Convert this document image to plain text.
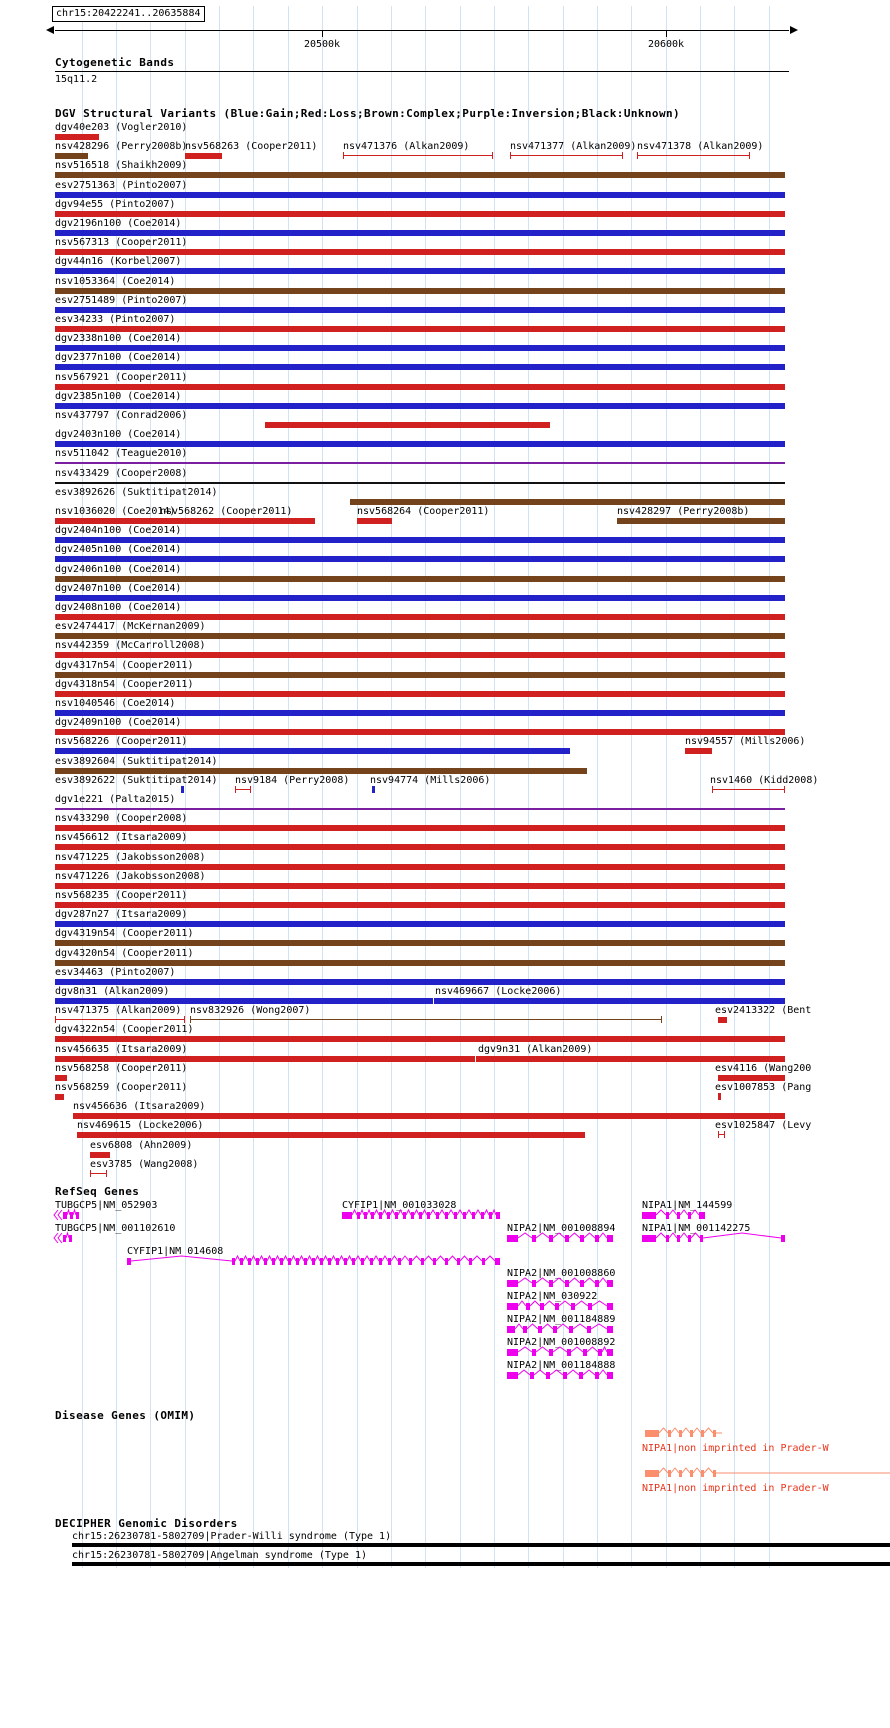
chr15:20422241..20635884
Cytogenetic Bands
15q11.2
DGV Structural Variants (Blue:Gain;Red:Loss;Brown:Complex;Purple:Inversion;Black:Unknown)
RefSeq Genes
Disease Genes (OMIM)
DECIPHER Genomic Disorders
20500k	20600k
dgv40e203 (Vogler2010)
nsv428296 (Perry2008b)
nsv568263 (Cooper2011)	nsv471376 (Alkan2009)	nsv471377 (Alkan2009) nsv471378 (Alkan2009)
nsv516518 (Shaikh2009)
esv2751363 (Pinto2007)
dgv94e55 (Pinto2007)
dgv2196n100 (Coe2014)
nsv567313 (Cooper2011)
dgv44n16 (Korbel2007)
nsv1053364 (Coe2014)
esv2751489 (Pinto2007)
esv34233 (Pinto2007)
dgv2338n100 (Coe2014)
dgv2377n100 (Coe2014)
nsv567921 (Cooper2011)
dgv2385n100 (Coe2014)
nsv437797 (Conrad2006)
dgv2403n100 (Coe2014)
nsv511042 (Teague2010)
nsv433429 (Cooper2008)
esv3892626 (Suktitipat2014)
nsv1036020 (Coe2014)
nsv568262 (Cooper2011)	nsv568264 (Cooper2011)	nsv428297 (Perry2008b)
dgv2404n100 (Coe2014)
dgv2405n100 (Coe2014)
dgv2406n100 (Coe2014)
dgv2407n100 (Coe2014)
dgv2408n100 (Coe2014)
esv2474417 (McKernan2009)
nsv442359 (McCarroll2008)
dgv4317n54 (Cooper2011)
dgv4318n54 (Cooper2011)
nsv1040546 (Coe2014)
dgv2409n100 (Coe2014)
nsv568226 (Cooper2011)	nsv94557 (Mills2006)
esv3892604 (Suktitipat2014)
esv3892622 (Suktitipat2014) nsv9184 (Perry2008) nsv94774 (Mills2006)	nsv1460 (Kidd2008)
dgv1e221 (Palta2015)
nsv433290 (Cooper2008)
nsv456612 (Itsara2009)
nsv471225 (Jakobsson2008)
nsv471226 (Jakobsson2008)
nsv568235 (Cooper2011)
dgv287n27 (Itsara2009)
dgv4319n54 (Cooper2011)
dgv4320n54 (Cooper2011)
esv34463 (Pinto2007)
dgv8n31 (Alkan2009)	nsv469667 (Locke2006)
nsv471375 (Alkan2009) nsv832926 (Wong2007)	esv2413322 (Bent
dgv4322n54 (Cooper2011)
nsv456635 (Itsara2009)	dgv9n31 (Alkan2009)
nsv568258 (Cooper2011)	esv4116 (Wang200
nsv568259 (Cooper2011)	esv1007853 (Pang
nsv456636 (Itsara2009)
nsv469615 (Locke2006)	esv1025847 (Levy
esv6808 (Ahn2009)
esv3785 (Wang2008)
TUBGCP5|NM_052903	CYFIP1|NM_001033028	NIPA1|NM_144599
TUBGCP5|NM_001102610	NIPA2|NM_001008894	NIPA1|NM_001142275
CYFIP1|NM_014608
NIPA2|NM_001008860
NIPA2|NM_030922
NIPA2|NM_001184889
NIPA2|NM_001008892
NIPA2|NM_001184888
NIPA1|non imprinted in Prader-W
NIPA1|non imprinted in Prader-W
chr15:26230781-5802709|Prader-Willi syndrome (Type 1)
chr15:26230781-5802709|Angelman syndrome (Type 1)
